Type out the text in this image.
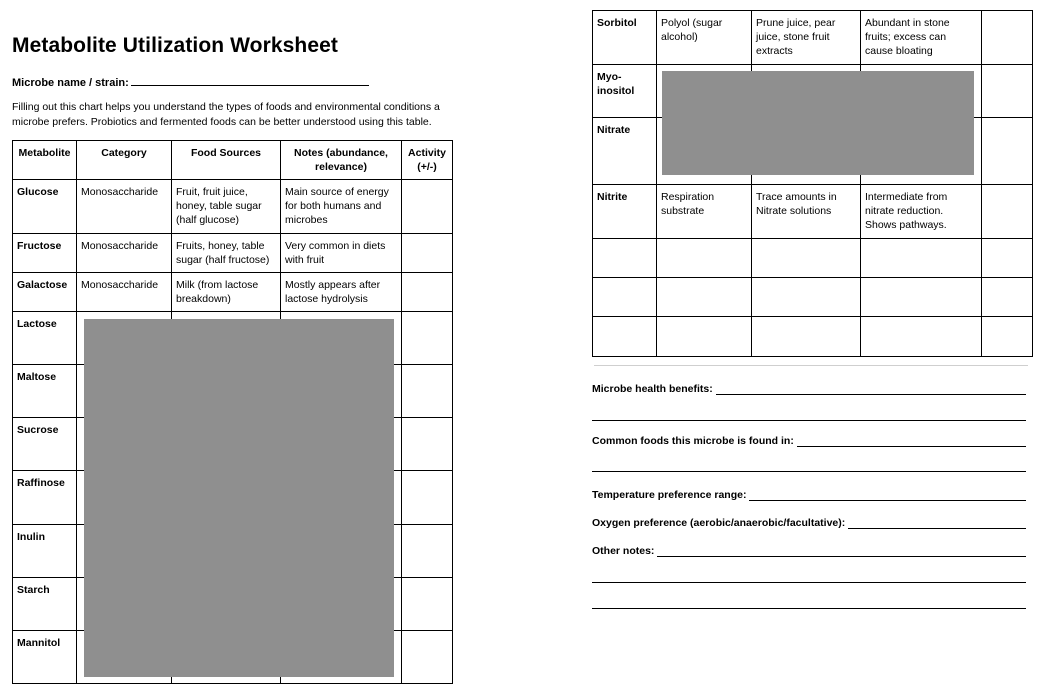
Metabolite Utilization Worksheet
Microbe name / strain:
Filling out this chart helps you understand the types of foods and environmental conditions a microbe prefers. Probiotics and fermented foods can be better understood using this table.
Metabolite	Category	Food Sources	Notes (abundance, relevance)	Activity (+/-)
Glucose	Monosaccharide	Fruit, fruit juice, honey, table sugar (half glucose)	Main source of energy for both humans and microbes	
Fructose	Monosaccharide	Fruits, honey, table sugar (half fructose)	Very common in diets with fruit	
Galactose	Monosaccharide	Milk (from lactose breakdown)	Mostly appears after lactose hydrolysis	
Lactose				
Maltose				
Sucrose				
Raffinose				
Inulin				
Starch				
Mannitol				
Sorbitol	Polyol (sugar alcohol)	Prune juice, pear juice, stone fruit extracts	Abundant in stone fruits; excess can cause bloating	
Myo-inositol				
Nitrate				
Nitrite	Respiration substrate	Trace amounts in Nitrate solutions	Intermediate from nitrate reduction. Shows pathways.	

Microbe health benefits:
Common foods this microbe is found in:
Temperature preference range:
Oxygen preference (aerobic/anaerobic/facultative):
Other notes:
